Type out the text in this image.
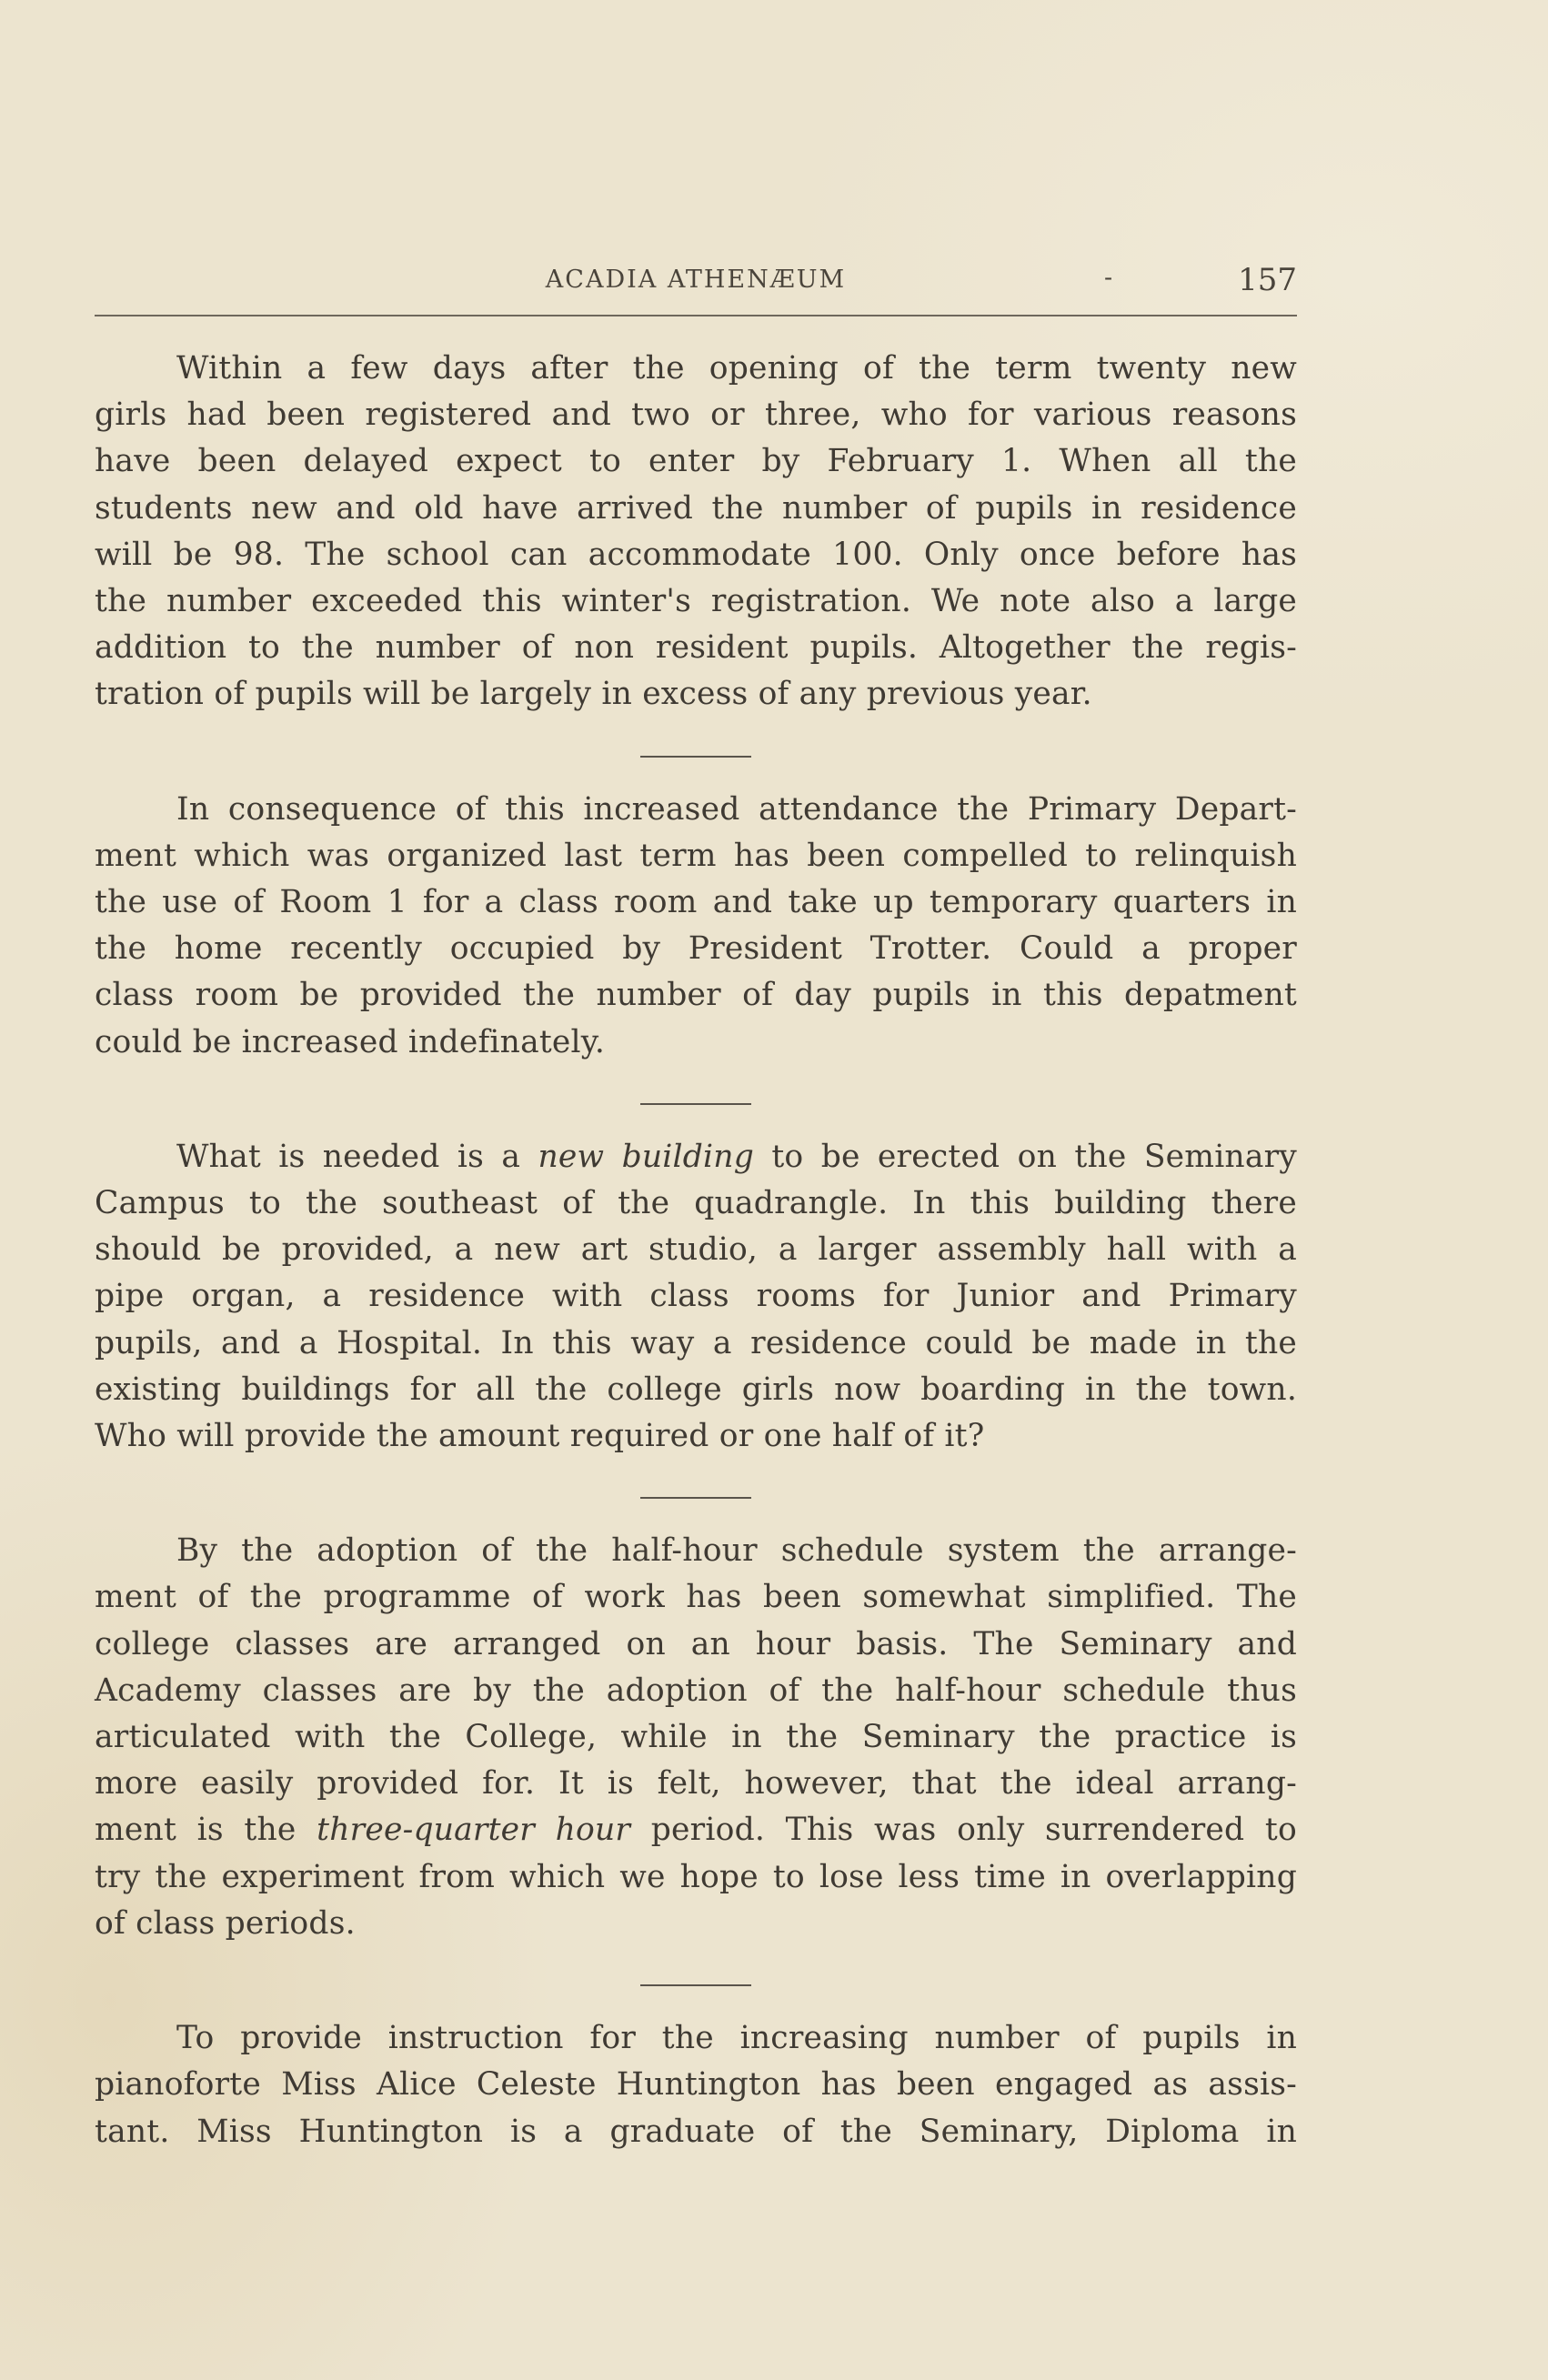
ACADIA ATHENÆUM	-	157

Within a few days after the opening of the term twenty new
girls had been registered and two or three, who for various reasons
have been delayed expect to enter by February 1. When all the
students new and old have arrived the number of pupils in residence
will be 98. The school can accommodate 100. Only once before has
the number exceeded this winter's registration. We note also a large
addition to the number of non resident pupils. Altogether the regis-
tration of pupils will be largely in excess of any previous year.

In consequence of this increased attendance the Primary Depart-
ment which was organized last term has been compelled to relinquish
the use of Room 1 for a class room and take up temporary quarters in
the home recently occupied by President Trotter. Could a proper
class room be provided the number of day pupils in this depatment
could be increased indefinately.

What is needed is a new building to be erected on the Seminary
Campus to the southeast of the quadrangle. In this building there
should be provided, a new art studio, a larger assembly hall with a
pipe organ, a residence with class rooms for Junior and Primary
pupils, and a Hospital. In this way a residence could be made in the
existing buildings for all the college girls now boarding in the town.
Who will provide the amount required or one half of it?

By the adoption of the half-hour schedule system the arrange-
ment of the programme of work has been somewhat simplified. The
college classes are arranged on an hour basis. The Seminary and
Academy classes are by the adoption of the half-hour schedule thus
articulated with the College, while in the Seminary the practice is
more easily provided for. It is felt, however, that the ideal arrang-
ment is the three-quarter hour period. This was only surrendered to
try the experiment from which we hope to lose less time in overlapping
of class periods.

To provide instruction for the increasing number of pupils in
pianoforte Miss Alice Celeste Huntington has been engaged as assis-
tant. Miss Huntington is a graduate of the Seminary, Diploma in
